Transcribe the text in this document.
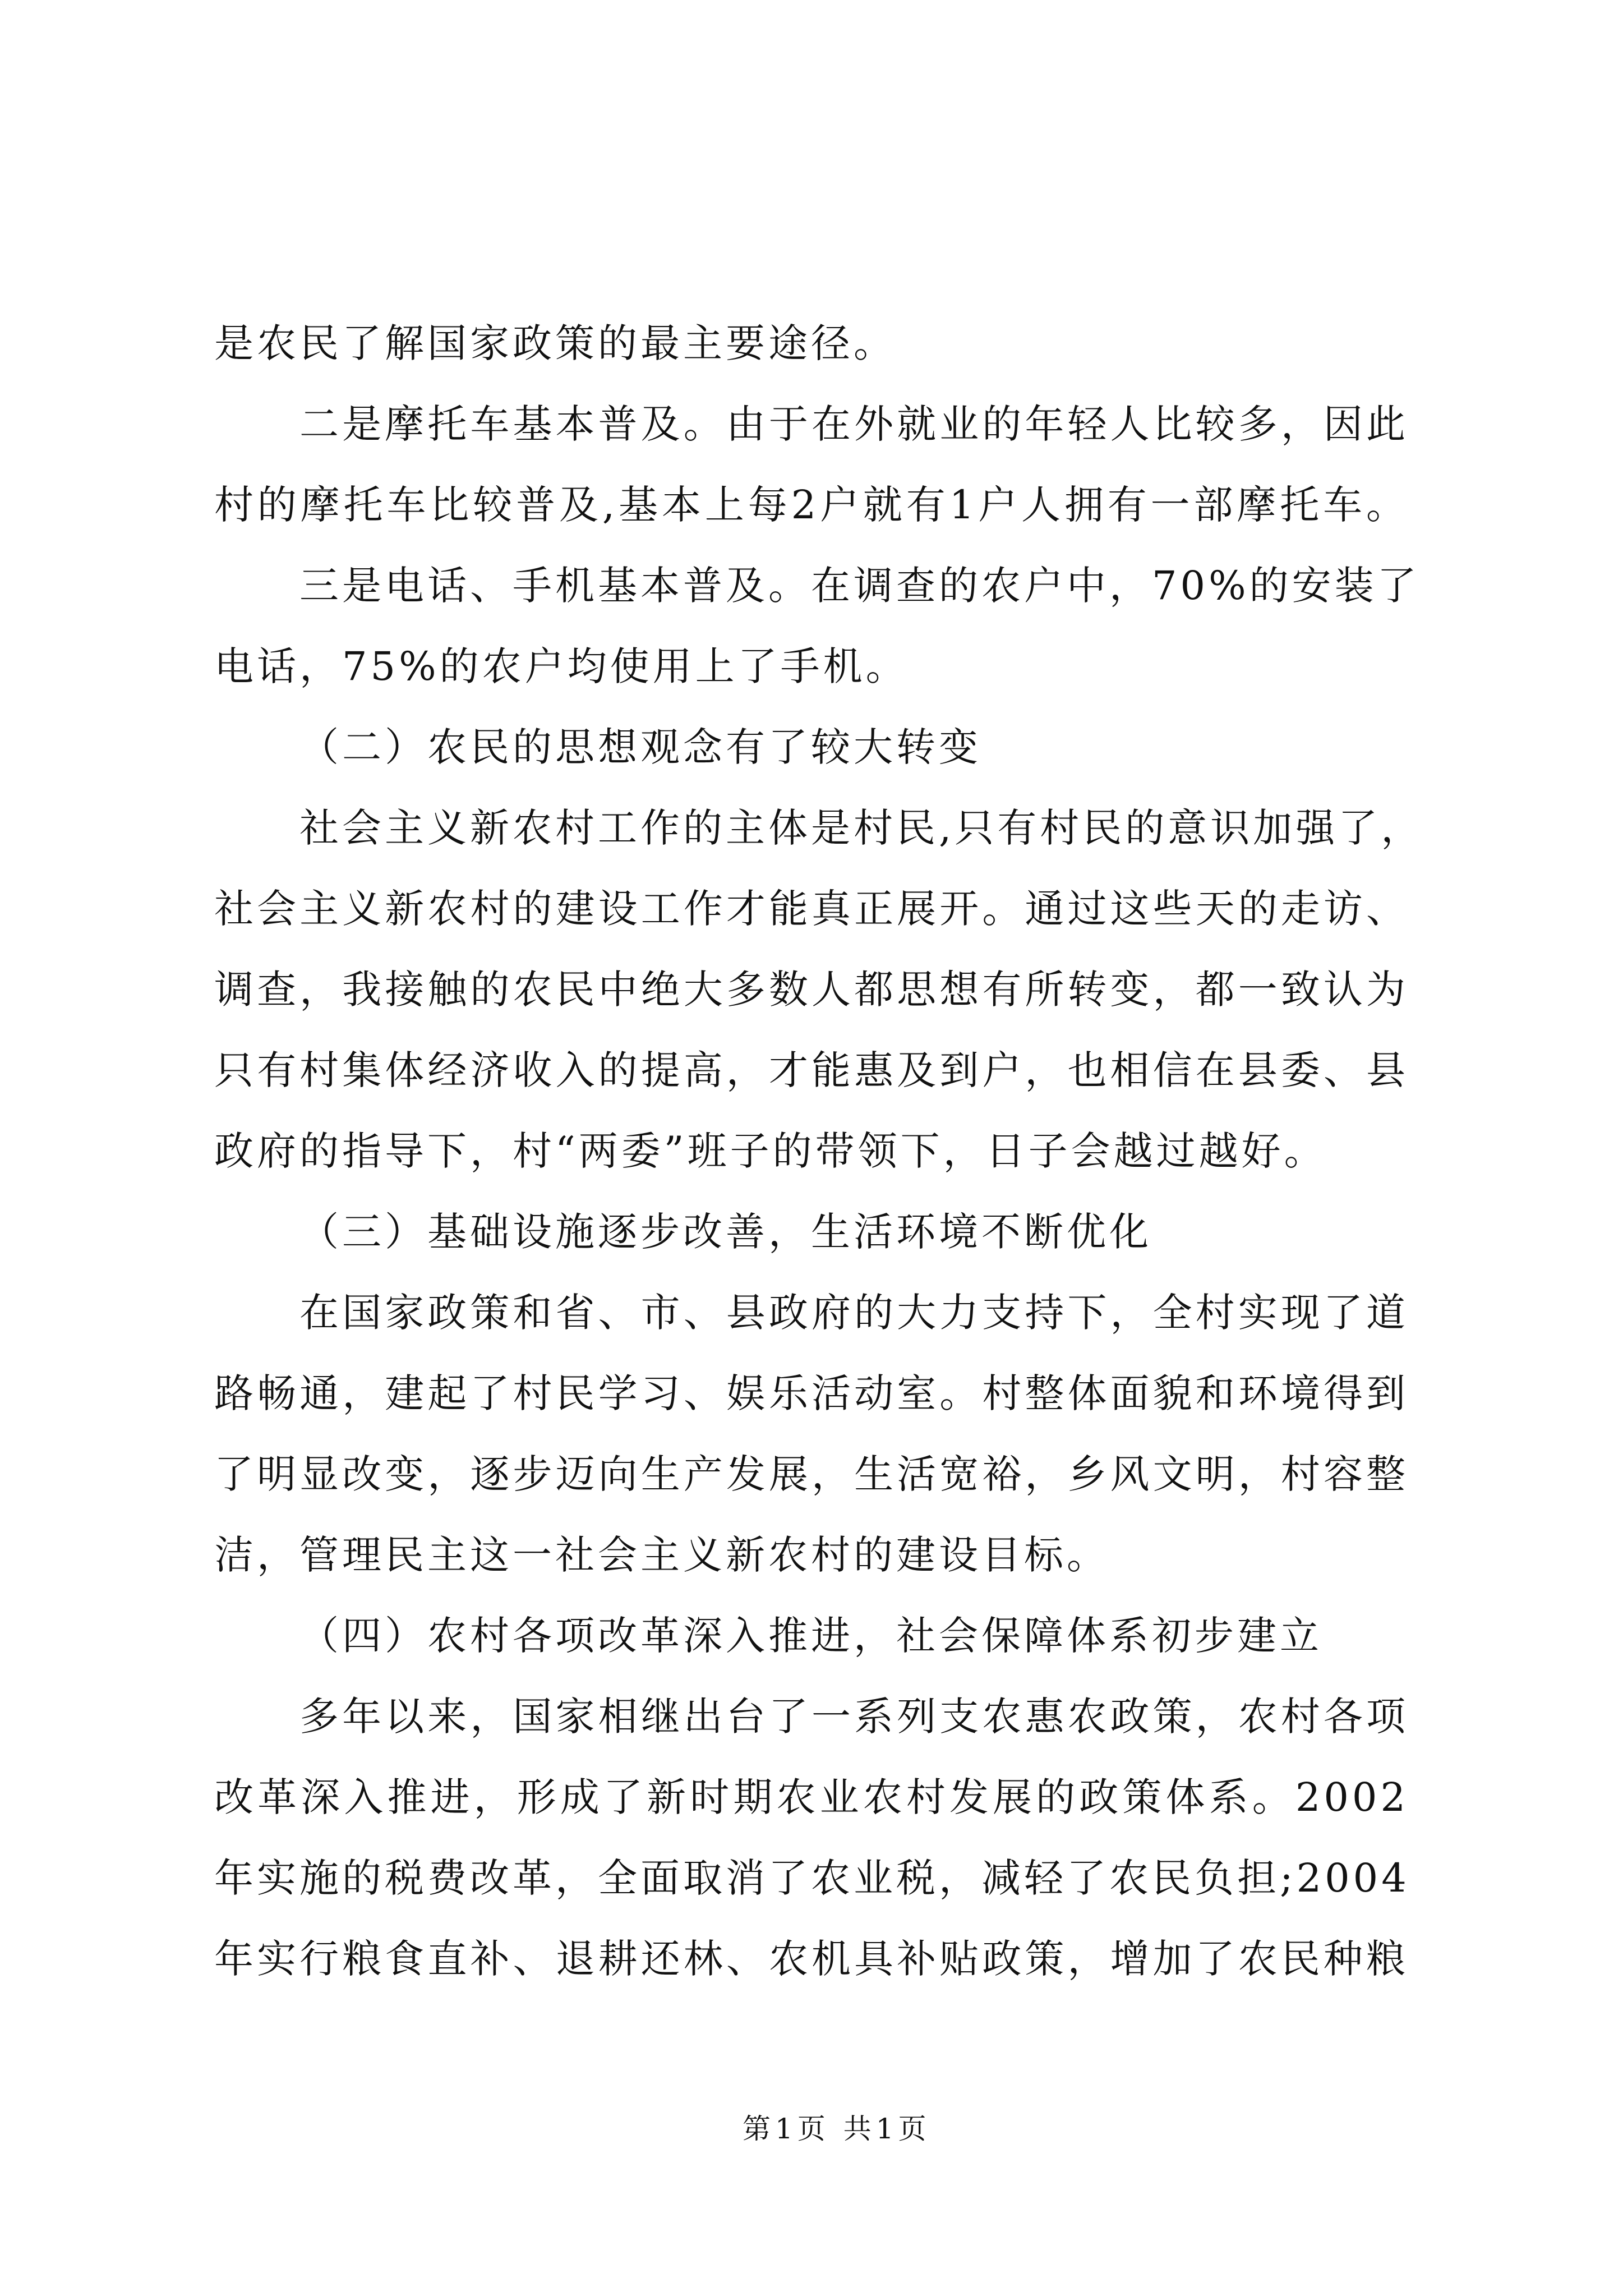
是农民了解国家政策的最主要途径。
二是摩托车基本普及。由于在外就业的年轻人比较多，因此
村的摩托车比较普及,基本上每2户就有1户人拥有一部摩托车。
三是电话、手机基本普及。在调查的农户中，70%的安装了
电话，75%的农户均使用上了手机。
（二）农民的思想观念有了较大转变
社会主义新农村工作的主体是村民,只有村民的意识加强了，
社会主义新农村的建设工作才能真正展开。通过这些天的走访、
调查，我接触的农民中绝大多数人都思想有所转变，都一致认为
只有村集体经济收入的提高，才能惠及到户，也相信在县委、县
政府的指导下，村“两委”班子的带领下，日子会越过越好。
（三）基础设施逐步改善，生活环境不断优化
在国家政策和省、市、县政府的大力支持下，全村实现了道
路畅通，建起了村民学习、娱乐活动室。村整体面貌和环境得到
了明显改变，逐步迈向生产发展，生活宽裕，乡风文明，村容整
洁，管理民主这一社会主义新农村的建设目标。
（四）农村各项改革深入推进，社会保障体系初步建立
多年以来，国家相继出台了一系列支农惠农政策，农村各项
改革深入推进，形成了新时期农业农村发展的政策体系。2002
年实施的税费改革，全面取消了农业税，减轻了农民负担;2004
年实行粮食直补、退耕还林、农机具补贴政策，增加了农民种粮
第1页 共1页
